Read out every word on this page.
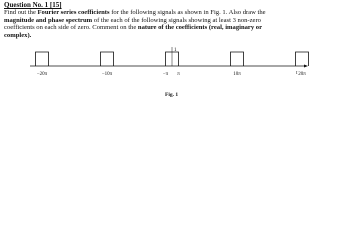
Question No. 1 [15]

Find out the Fourier series coefficients for the following signals as shown in Fig. 1. Also draw the
magnitude and phase spectrum of the each of the following signals showing at least 3 non-zero
coefficients on each side of zero. Comment on the nature of the coefficients (real, imaginary or
complex).

t
1
−20π	−10π	−π π	10π	20π
Fig. 1
